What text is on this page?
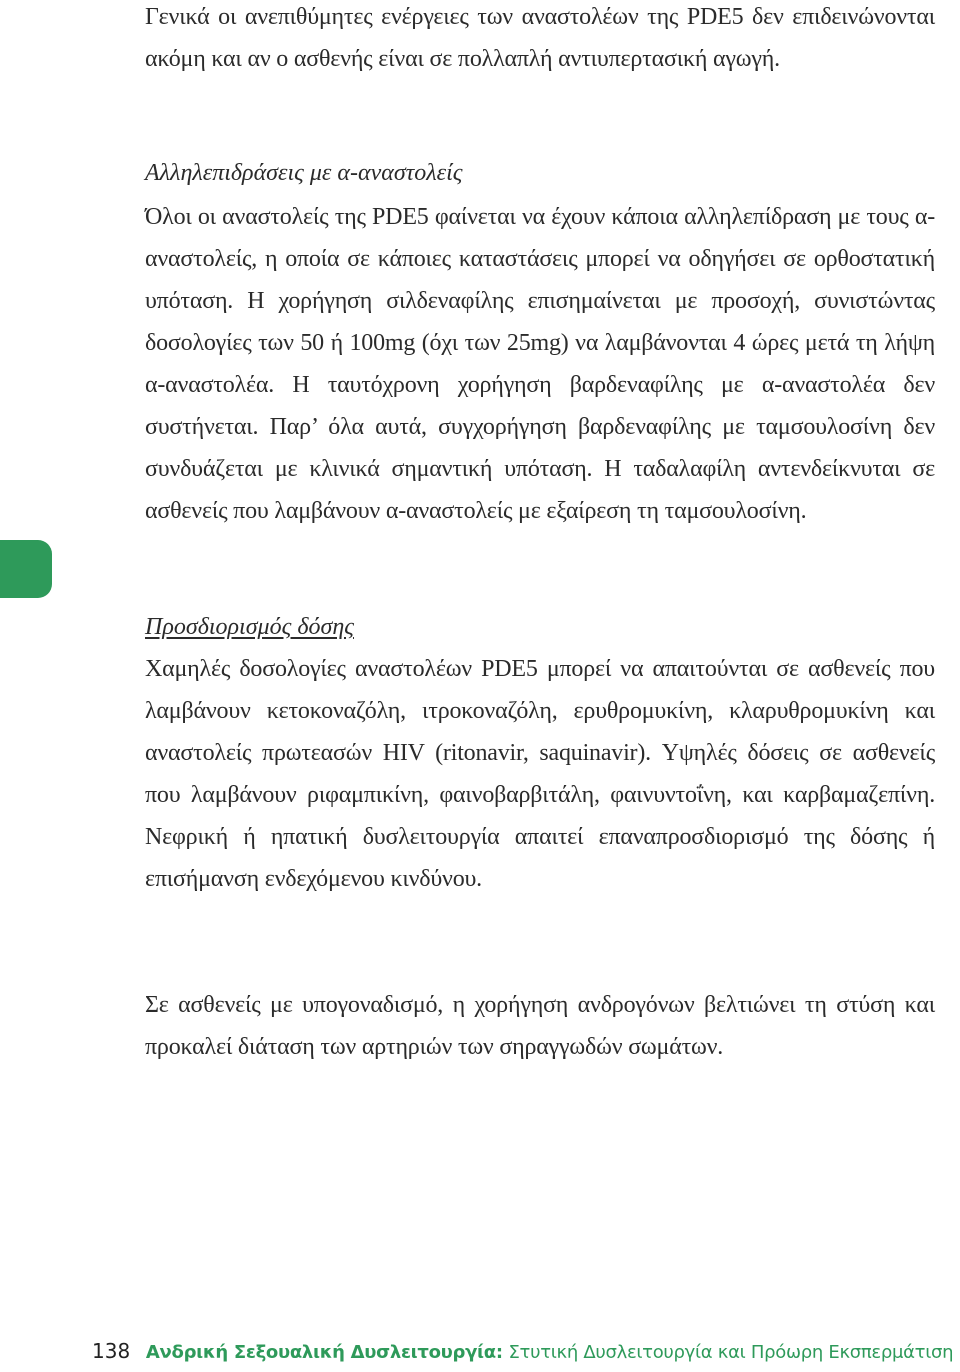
Γενικά οι ανεπιθύμητες ενέργειες των αναστολέων της PDE5 δεν επιδεινώνονται ακόμη και αν ο ασθενής είναι σε πολλαπλή αντιυπερτασική αγωγή.

Αλληλεπιδράσεις με α-αναστολείς

Όλοι οι αναστολείς της PDE5 φαίνεται να έχουν κάποια αλληλεπίδραση με τους α-αναστολείς, η οποία σε κάποιες καταστάσεις μπορεί να οδηγήσει σε ορθοστατική υπόταση. Η χορήγηση σιλδεναφίλης επισημαίνεται με προσοχή, συνιστώντας δοσολογίες των 50 ή 100mg (όχι των 25mg) να λαμβάνονται 4 ώρες μετά τη λήψη α-αναστολέα. Η ταυτόχρονη χορήγηση βαρδεναφίλης με α-αναστολέα δεν συστήνεται. Παρ’ όλα αυτά, συγχορήγηση βαρδεναφίλης με ταμσουλοσίνη δεν συνδυάζεται με κλινικά σημαντική υπόταση. Η ταδαλαφίλη αντενδείκνυται σε ασθενείς που λαμβάνουν α-αναστολείς με εξαίρεση τη ταμσουλοσίνη.

Προσδιορισμός δόσης

Χαμηλές δοσολογίες αναστολέων PDE5 μπορεί να απαιτούνται σε ασθενείς που λαμβάνουν κετοκοναζόλη, ιτροκοναζόλη, ερυθρομυκίνη, κλαρυθρομυκίνη και αναστολείς πρωτεασών HIV (ritonavir, saquinavir). Υψηλές δόσεις σε ασθενείς που λαμβάνουν ριφαμπικίνη, φαινοβαρβιτάλη, φαινυντοΐνη, και καρβαμαζεπίνη. Νεφρική ή ηπατική δυσλειτουργία απαιτεί επαναπροσδιορισμό της δόσης ή επισήμανση ενδεχόμενου κινδύνου.

Σε ασθενείς με υπογοναδισμό, η χορήγηση ανδρογόνων βελτιώνει τη στύση και προκαλεί διάταση των αρτηριών των σηραγγωδών σωμάτων.

138 Ανδρική Σεξουαλική Δυσλειτουργία: Στυτική Δυσλειτουργία και Πρόωρη Εκσπερμάτιση
